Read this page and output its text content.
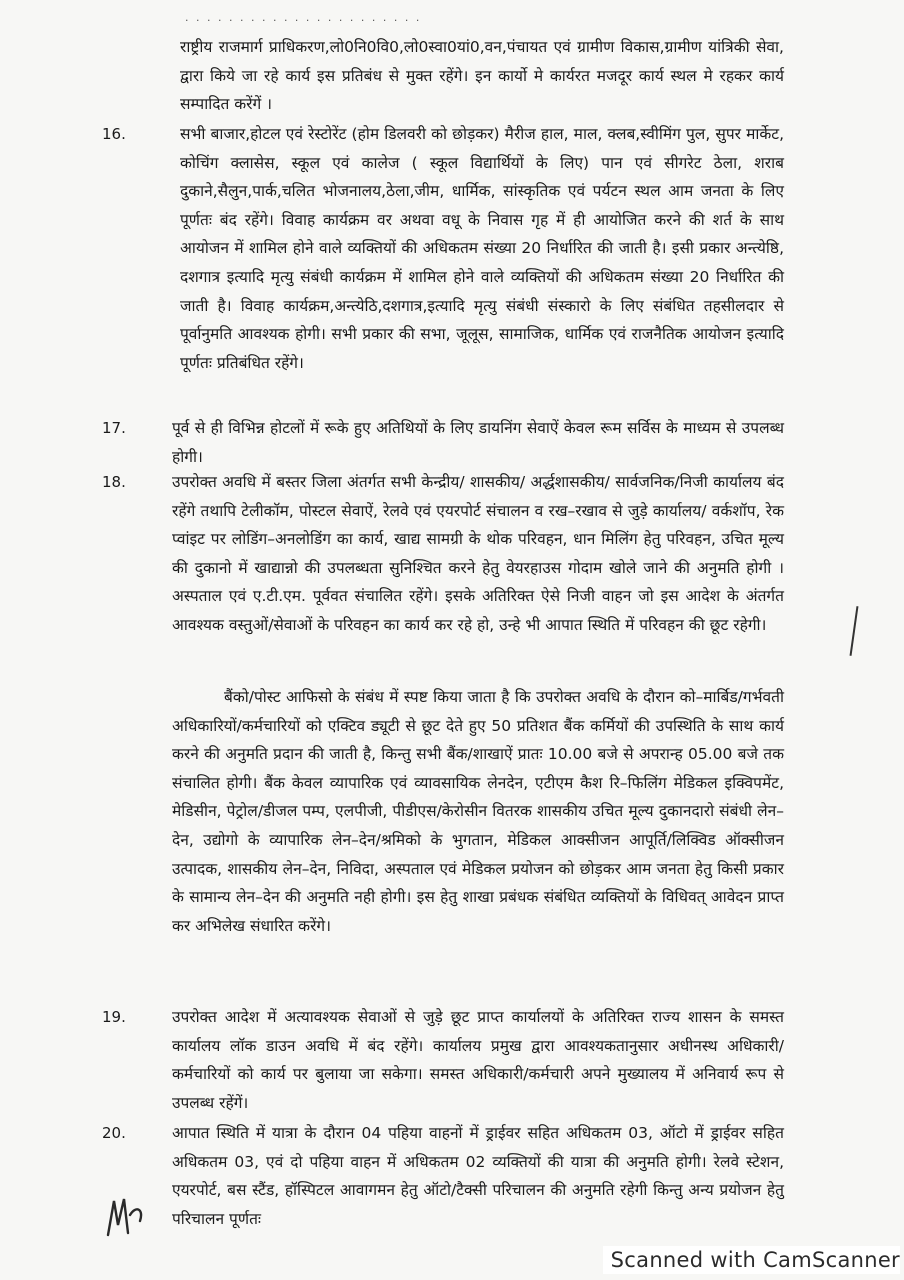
· · · · · · · · · · · · · · · · · · · · · ·

राष्ट्रीय राजमार्ग प्राधिकरण,लो0नि0वि0,लो0स्वा0यां0,वन,पंचायत एवं ग्रामीण विकास,ग्रामीण यांत्रिकी सेवा, द्वारा किये जा रहे कार्य इस प्रतिबंध से मुक्त रहेंगे। इन कार्यो मे कार्यरत मजदूर कार्य स्थल मे रहकर कार्य सम्पादित करेंगें ।

16.	सभी बाजार,होटल एवं रेस्टोरेंट (होम डिलवरी को छोड़कर) मैरीज हाल, माल, क्लब,स्वीमिंग पुल, सुपर मार्केट, कोचिंग क्लासेस, स्कूल एवं कालेज ( स्कूल विद्यार्थियों के लिए) पान एवं सीगरेट ठेला, शराब दुकाने,सैलुन,पार्क,चलित भोजनालय,ठेला,जीम, धार्मिक, सांस्कृतिक एवं पर्यटन स्थल आम जनता के लिए पूर्णतः बंद रहेंगे। विवाह कार्यक्रम वर अथवा वधू के निवास गृह में ही आयोजित करने की शर्त के साथ आयोजन में शामिल होने वाले व्यक्तियों की अधिकतम संख्या 20 निर्धारित की जाती है। इसी प्रकार अन्त्येष्ठि, दशगात्र इत्यादि मृत्यु संबंधी कार्यक्रम में शामिल होने वाले व्यक्तियों की अधिकतम संख्या 20 निर्धारित की जाती है। विवाह कार्यक्रम,अन्त्येठि,दशगात्र,इत्यादि मृत्यु संबंधी संस्कारो के लिए संबंधित तहसीलदार से पूर्वानुमति आवश्यक होगी। सभी प्रकार की सभा, जूलूस, सामाजिक, धार्मिक एवं राजनैतिक आयोजन इत्यादि पूर्णतः प्रतिबंधित रहेंगे।

17.	पूर्व से ही विभिन्न होटलों में रूके हुए अतिथियों के लिए डायनिंग सेवाऐं केवल रूम सर्विस के माध्यम से उपलब्ध होगी।

18.	उपरोक्त अवधि में बस्तर जिला अंतर्गत सभी केन्द्रीय/ शासकीय/ अर्द्धशासकीय/ सार्वजनिक/निजी कार्यालय बंद रहेंगे तथापि टेलीकॉम, पोस्टल सेवाऐं, रेलवे एवं एयरपोर्ट संचालन व रख–रखाव से जुड़े कार्यालय/ वर्कशॉप, रेक प्वांइट पर लोडिंग–अनलोडिंग का कार्य, खाद्य सामग्री के थोक परिवहन, धान मिलिंग हेतु परिवहन, उचित मूल्य की दुकानो में खाद्यान्नो की उपलब्धता सुनिश्चित करने हेतु वेयरहाउस गोदाम खोले जाने की अनुमति होगी । अस्पताल एवं ए.टी.एम. पूर्ववत संचालित रहेंगे। इसके अतिरिक्त ऐसे निजी वाहन जो इस आदेश के अंतर्गत आवश्यक वस्तुओं/सेवाओं के परिवहन का कार्य कर रहे हो, उन्हे भी आपात स्थिति में परिवहन की छूट रहेगी।

बैंको/पोस्ट आफिसो के संबंध में स्पष्ट किया जाता है कि उपरोक्त अवधि के दौरान को–मार्बिड/गर्भवती अधिकारियों/कर्मचारियों को एक्टिव ड्यूटी से छूट देते हुए 50 प्रतिशत बैंक कर्मियों की उपस्थिति के साथ कार्य करने की अनुमति प्रदान की जाती है, किन्तु सभी बैंक/शाखाऐं प्रातः 10.00 बजे से अपरान्ह 05.00 बजे तक संचालित होगी। बैंक केवल व्यापारिक एवं व्यावसायिक लेनदेन, एटीएम कैश रि–फिलिंग मेडिकल इक्विपमेंट, मेडिसीन, पेट्रोल/डीजल पम्प, एलपीजी, पीडीएस/केरोसीन वितरक शासकीय उचित मूल्य दुकानदारो संबंधी लेन–देन, उद्योगो के व्यापारिक लेन–देन/श्रमिको के भुगतान, मेडिकल आक्सीजन आपूर्ति/लिक्विड ऑक्सीजन उत्पादक, शासकीय लेन–देन, निविदा, अस्पताल एवं मेडिकल प्रयोजन को छोड़कर आम जनता हेतु किसी प्रकार के सामान्य लेन–देन की अनुमति नही होगी। इस हेतु शाखा प्रबंधक संबंधित व्यक्तियों के विधिवत् आवेदन प्राप्त कर अभिलेख संधारित करेंगे।

19.	उपरोक्त आदेश में अत्यावश्यक सेवाओं से जुड़े छूट प्राप्त कार्यालयों के अतिरिक्त राज्य शासन के समस्त कार्यालय लॉक डाउन अवधि में बंद रहेंगे। कार्यालय प्रमुख द्वारा आवश्यकतानुसार अधीनस्थ अधिकारी/कर्मचारियों को कार्य पर बुलाया जा सकेगा। समस्त अधिकारी/कर्मचारी अपने मुख्यालय में अनिवार्य रूप से उपलब्ध रहेंगें।

20.	आपात स्थिति में यात्रा के दौरान 04 पहिया वाहनों में ड्राईवर सहित अधिकतम 03, ऑटो में ड्राईवर सहित अधिकतम 03, एवं दो पहिया वाहन में अधिकतम 02 व्यक्तियों की यात्रा की अनुमति होगी। रेलवे स्टेशन, एयरपोर्ट, बस स्टैंड, हॉस्पिटल आवागमन हेतु ऑटो/टैक्सी परिचालन की अनुमति रहेगी किन्तु अन्य प्रयोजन हेतु परिचालन पूर्णतः

Scanned with CamScanner
